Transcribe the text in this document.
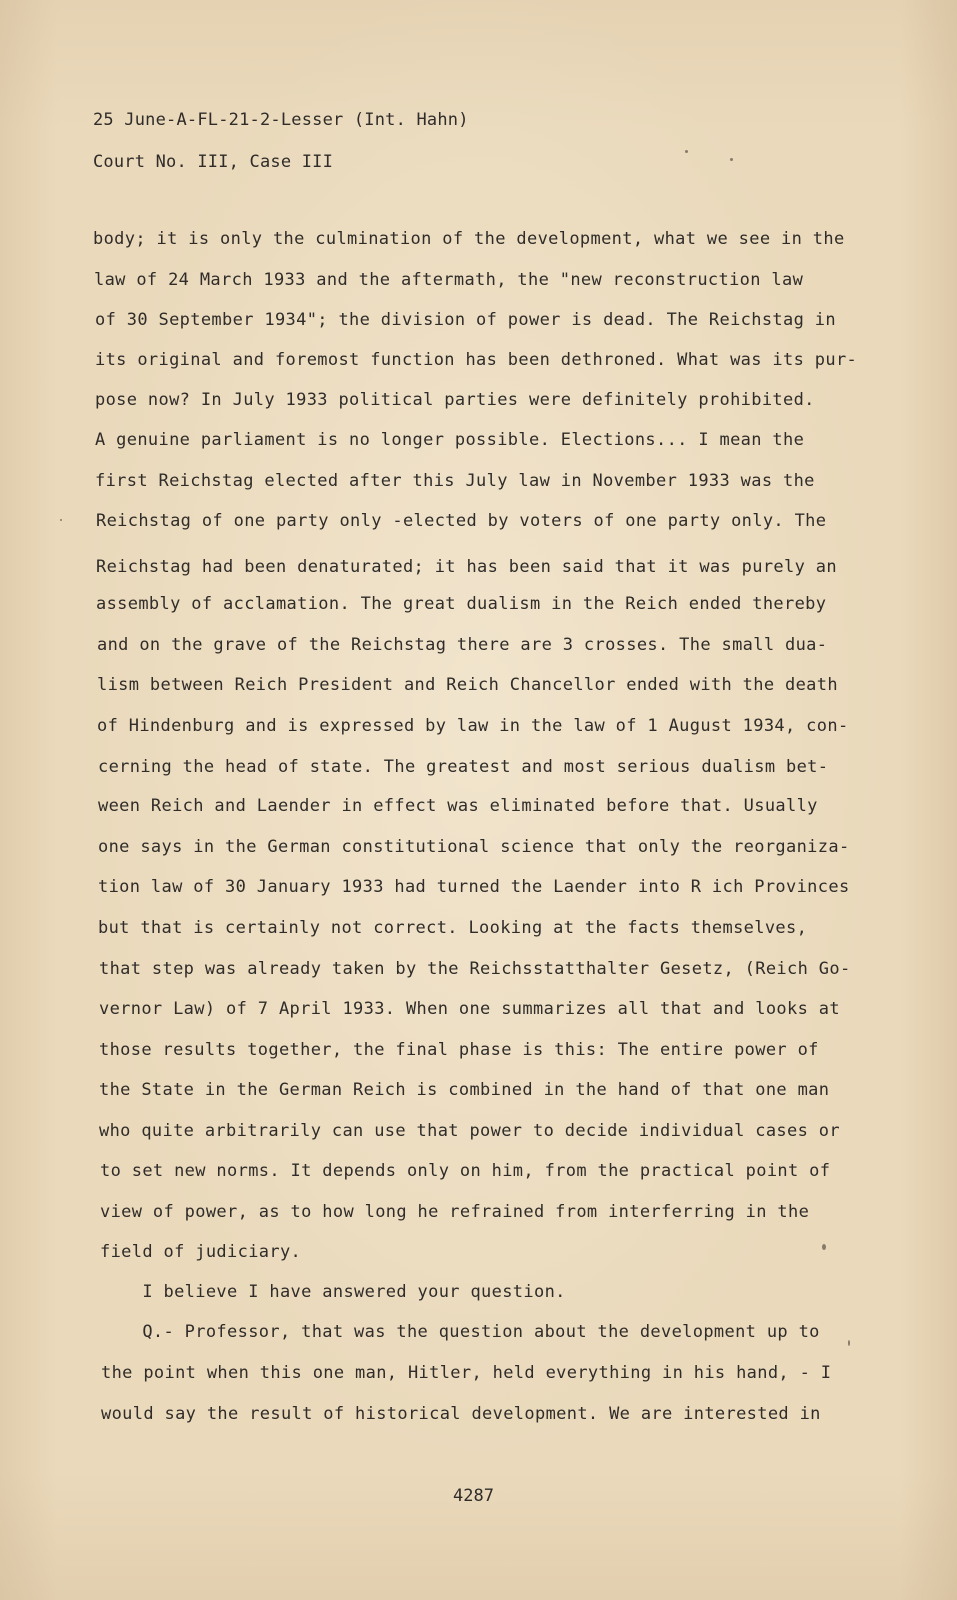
25 June-A-FL-21-2-Lesser (Int. Hahn)
Court No. III, Case III
body; it is only the culmination of the development, what we see in the
law of 24 March 1933 and the aftermath, the "new reconstruction law
of 30 September 1934"; the division of power is dead. The Reichstag in
its original and foremost function has been dethroned. What was its pur-
pose now? In July 1933 political parties were definitely prohibited.
A genuine parliament is no longer possible. Elections... I mean the
first Reichstag elected after this July law in November 1933 was the
Reichstag of one party only -elected by voters of one party only. The
Reichstag had been denaturated; it has been said that it was purely an
assembly of acclamation. The great dualism in the Reich ended thereby
and on the grave of the Reichstag there are 3 crosses. The small dua-
lism between Reich President and Reich Chancellor ended with the death
of Hindenburg and is expressed by law in the law of 1 August 1934, con-
cerning the head of state. The greatest and most serious dualism bet-
ween Reich and Laender in effect was eliminated before that. Usually
one says in the German constitutional science that only the reorganiza-
tion law of 30 January 1933 had turned the Laender into R ich Provinces
but that is certainly not correct. Looking at the facts themselves,
that step was already taken by the Reichsstatthalter Gesetz, (Reich Go-
vernor Law) of 7 April 1933. When one summarizes all that and looks at
those results together, the final phase is this: The entire power of
the State in the German Reich is combined in the hand of that one man
who quite arbitrarily can use that power to decide individual cases or
to set new norms. It depends only on him, from the practical point of
view of power, as to how long he refrained from interferring in the
field of judiciary.
I believe I have answered your question.
Q.- Professor, that was the question about the development up to
the point when this one man, Hitler, held everything in his hand, - I
would say the result of historical development. We are interested in
4287
